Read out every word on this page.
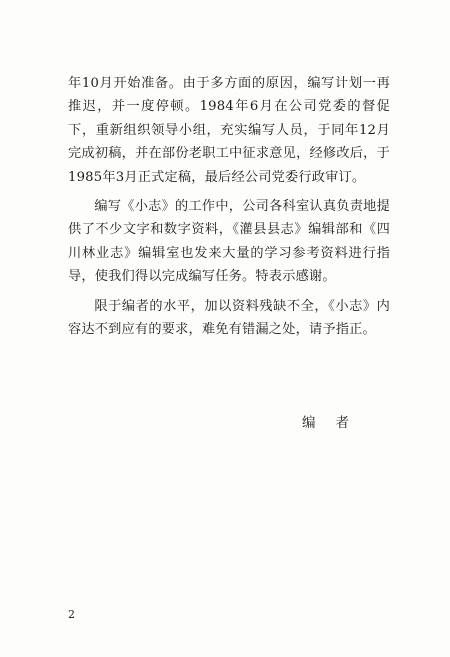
年10月开始准备。由于多方面的原因，编写计划一再推迟，并一度停顿。1984年6月在公司党委的督促下，重新组织领导小组，充实编写人员，于同年12月完成初稿，并在部份老职工中征求意见，经修改后，于1985年3月正式定稿，最后经公司党委行政审订。

编写《小志》的工作中，公司各科室认真负责地提供了不少文字和数字资料，《灌县县志》编辑部和《四川林业志》编辑室也发来大量的学习参考资料进行指导，使我们得以完成编写任务。特表示感谢。

限于编者的水平，加以资料残缺不全，《小志》内容达不到应有的要求，难免有错漏之处，请予指正。

编者
2
